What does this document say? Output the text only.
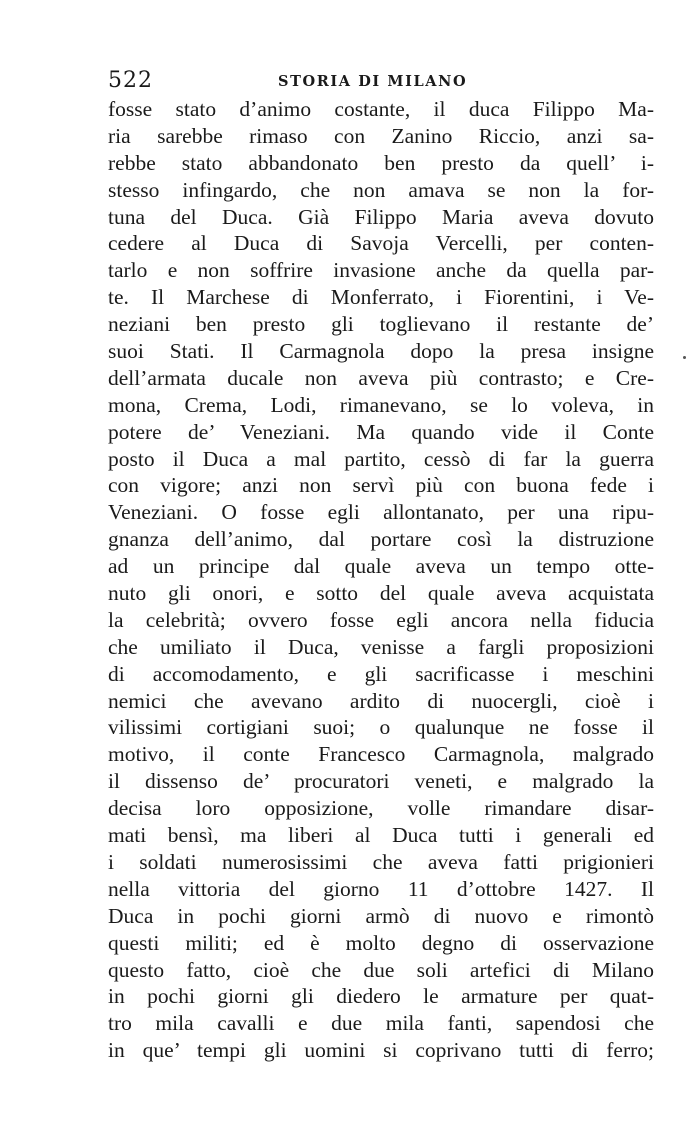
522	STORIA DI MILANO
fosse stato d’animo costante, il duca Filippo Ma-
ria sarebbe rimaso con Zanino Riccio, anzi sa-
rebbe stato abbandonato ben presto da quell’ i-
stesso infingardo, che non amava se non la for-
tuna del Duca. Già Filippo Maria aveva dovuto
cedere al Duca di Savoja Vercelli, per conten-
tarlo e non soffrire invasione anche da quella par-
te. Il Marchese di Monferrato, i Fiorentini, i Ve-
neziani ben presto gli toglievano il restante de’
suoi Stati. Il Carmagnola dopo la presa insigne
dell’armata ducale non aveva più contrasto; e Cre-
mona, Crema, Lodi, rimanevano, se lo voleva, in
potere de’ Veneziani. Ma quando vide il Conte
posto il Duca a mal partito, cessò di far la guerra
con vigore; anzi non servì più con buona fede i
Veneziani. O fosse egli allontanato, per una ripu-
gnanza dell’animo, dal portare così la distruzione
ad un principe dal quale aveva un tempo otte-
nuto gli onori, e sotto del quale aveva acquistata
la celebrità; ovvero fosse egli ancora nella fiducia
che umiliato il Duca, venisse a fargli proposizioni
di accomodamento, e gli sacrificasse i meschini
nemici che avevano ardito di nuocergli, cioè i
vilissimi cortigiani suoi; o qualunque ne fosse il
motivo, il conte Francesco Carmagnola, malgrado
il dissenso de’ procuratori veneti, e malgrado la
decisa loro opposizione, volle rimandare disar-
mati bensì, ma liberi al Duca tutti i generali ed
i soldati numerosissimi che aveva fatti prigionieri
nella vittoria del giorno 11 d’ottobre 1427. Il
Duca in pochi giorni armò di nuovo e rimontò
questi militi; ed è molto degno di osservazione
questo fatto, cioè che due soli artefici di Milano
in pochi giorni gli diedero le armature per quat-
tro mila cavalli e due mila fanti, sapendosi che
in que’ tempi gli uomini si coprivano tutti di ferro;
